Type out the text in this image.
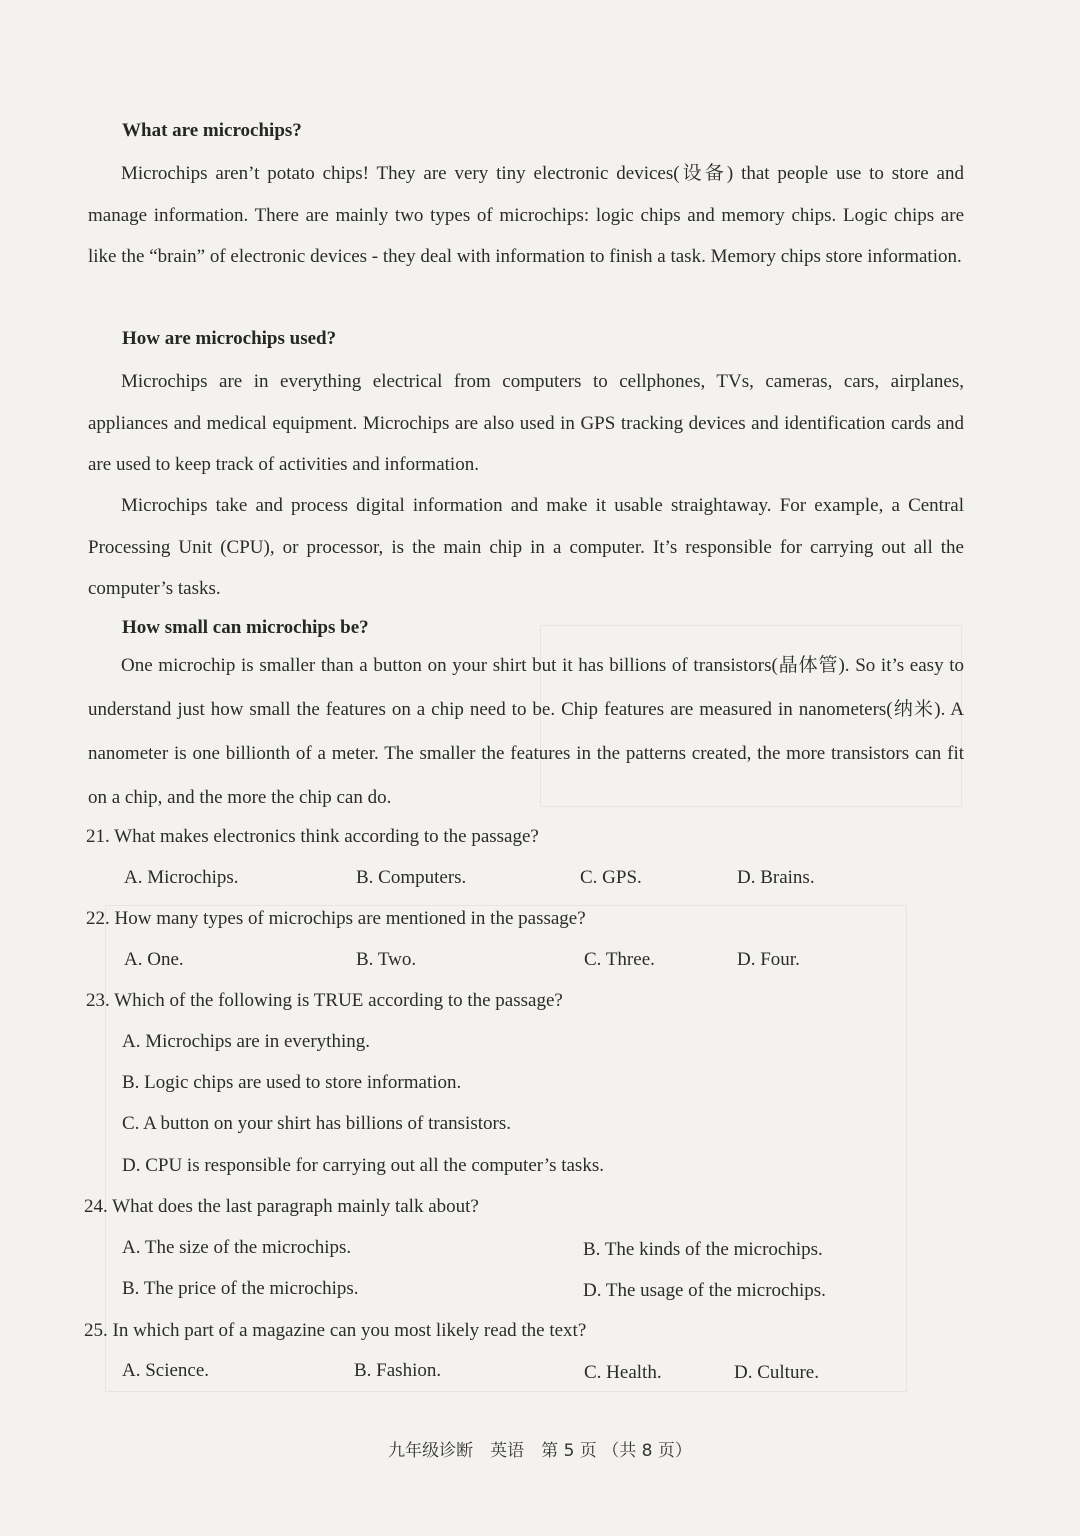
What are microchips?

Microchips aren’t potato chips! They are very tiny electronic devices(设备) that people use to store and manage information. There are mainly two types of microchips: logic chips and memory chips. Logic chips are like the “brain” of electronic devices - they deal with information to finish a task. Memory chips store information.

How are microchips used?

Microchips are in everything electrical from computers to cellphones, TVs, cameras, cars, airplanes, appliances and medical equipment. Microchips are also used in GPS tracking devices and identification cards and are used to keep track of activities and information.

Microchips take and process digital information and make it usable straightaway. For example, a Central Processing Unit (CPU), or processor, is the main chip in a computer. It’s responsible for carrying out all the computer’s tasks.

How small can microchips be?

One microchip is smaller than a button on your shirt but it has billions of transistors(晶体管). So it’s easy to understand just how small the features on a chip need to be. Chip features are measured in nanometers(纳米). A nanometer is one billionth of a meter. The smaller the features in the patterns created, the more transistors can fit on a chip, and the more the chip can do.

21. What makes electronics think according to the passage?
A. Microchips.	B. Computers.	C. GPS.	D. Brains.
22. How many types of microchips are mentioned in the passage?
A. One.	B. Two.	C. Three.	D. Four.
23. Which of the following is TRUE according to the passage?
A. Microchips are in everything.
B. Logic chips are used to store information.
C. A button on your shirt has billions of transistors.
D. CPU is responsible for carrying out all the computer’s tasks.
24. What does the last paragraph mainly talk about?
A. The size of the microchips.	B. The kinds of the microchips.
B. The price of the microchips.	D. The usage of the microchips.
25. In which part of a magazine can you most likely read the text?
A. Science.	B. Fashion.	C. Health.	D. Culture.
九年级诊断　英语　第 5 页 （共 8 页）
